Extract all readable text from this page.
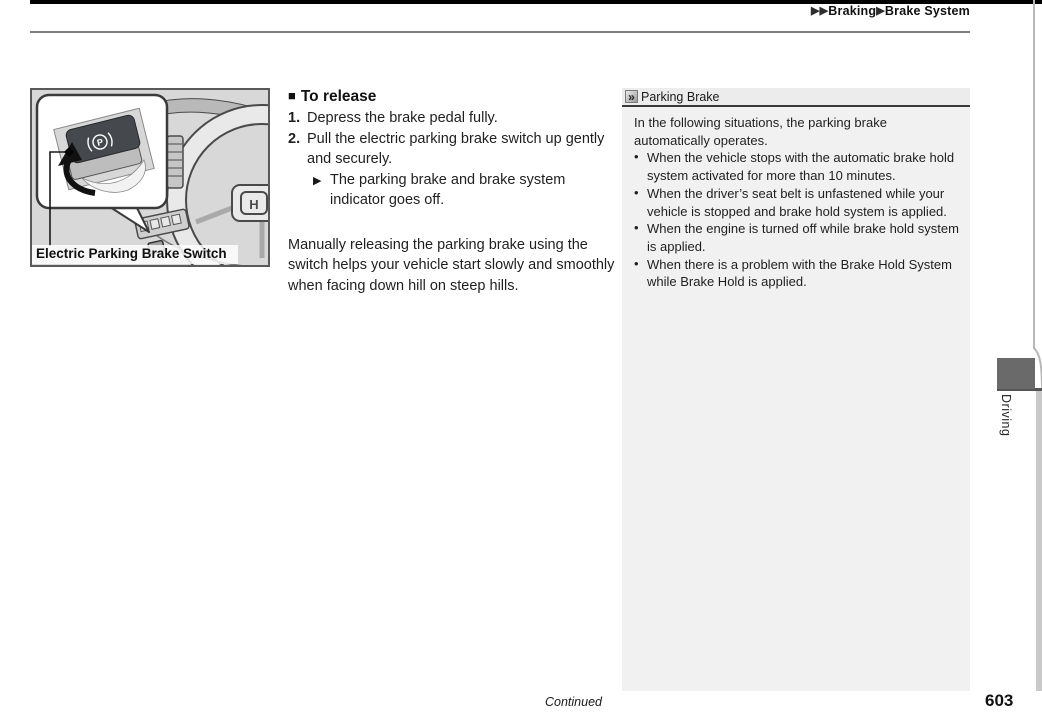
▶▶Braking▶Brake System
H
P
Electric Parking Brake Switch
■ To release
1. Depress the brake pedal fully.
2. Pull the electric parking brake switch up gently and securely.
▶ The parking brake and brake system indicator goes off.

Manually releasing the parking brake using the switch helps your vehicle start slowly and smoothly when facing down hill on steep hills.

» Parking Brake

In the following situations, the parking brake automatically operates.

• When the vehicle stops with the automatic brake hold system activated for more than 10 minutes.
• When the driver’s seat belt is unfastened while your vehicle is stopped and brake hold system is applied.
• When the engine is turned off while brake hold system is applied.
• When there is a problem with the Brake Hold System while Brake Hold is applied.
Driving
Continued	603
